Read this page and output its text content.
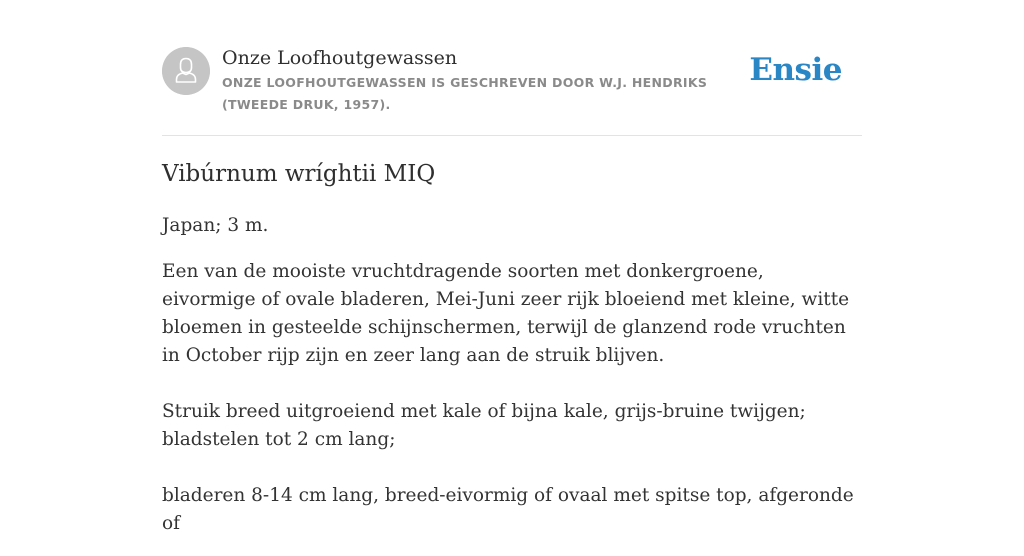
Onze Loofhoutgewassen
ONZE LOOFHOUTGEWASSEN IS GESCHREVEN DOOR W.J. HENDRIKS (TWEEDE DRUK, 1957).
Ensie
Vibúrnum wríghtii MIQ

Japan; 3 m.

Een van de mooiste vruchtdragende soorten met donkergroene, eivormige of ovale bladeren, Mei-Juni zeer rijk bloeiend met kleine, witte bloemen in gesteelde schijnschermen, terwijl de glanzend rode vruchten in October rijp zijn en zeer lang aan de struik blijven.

Struik breed uitgroeiend met kale of bijna kale, grijs-bruine twijgen; bladstelen tot 2 cm lang;

bladeren 8-14 cm lang, breed-eivormig of ovaal met spitse top, afgeronde of
